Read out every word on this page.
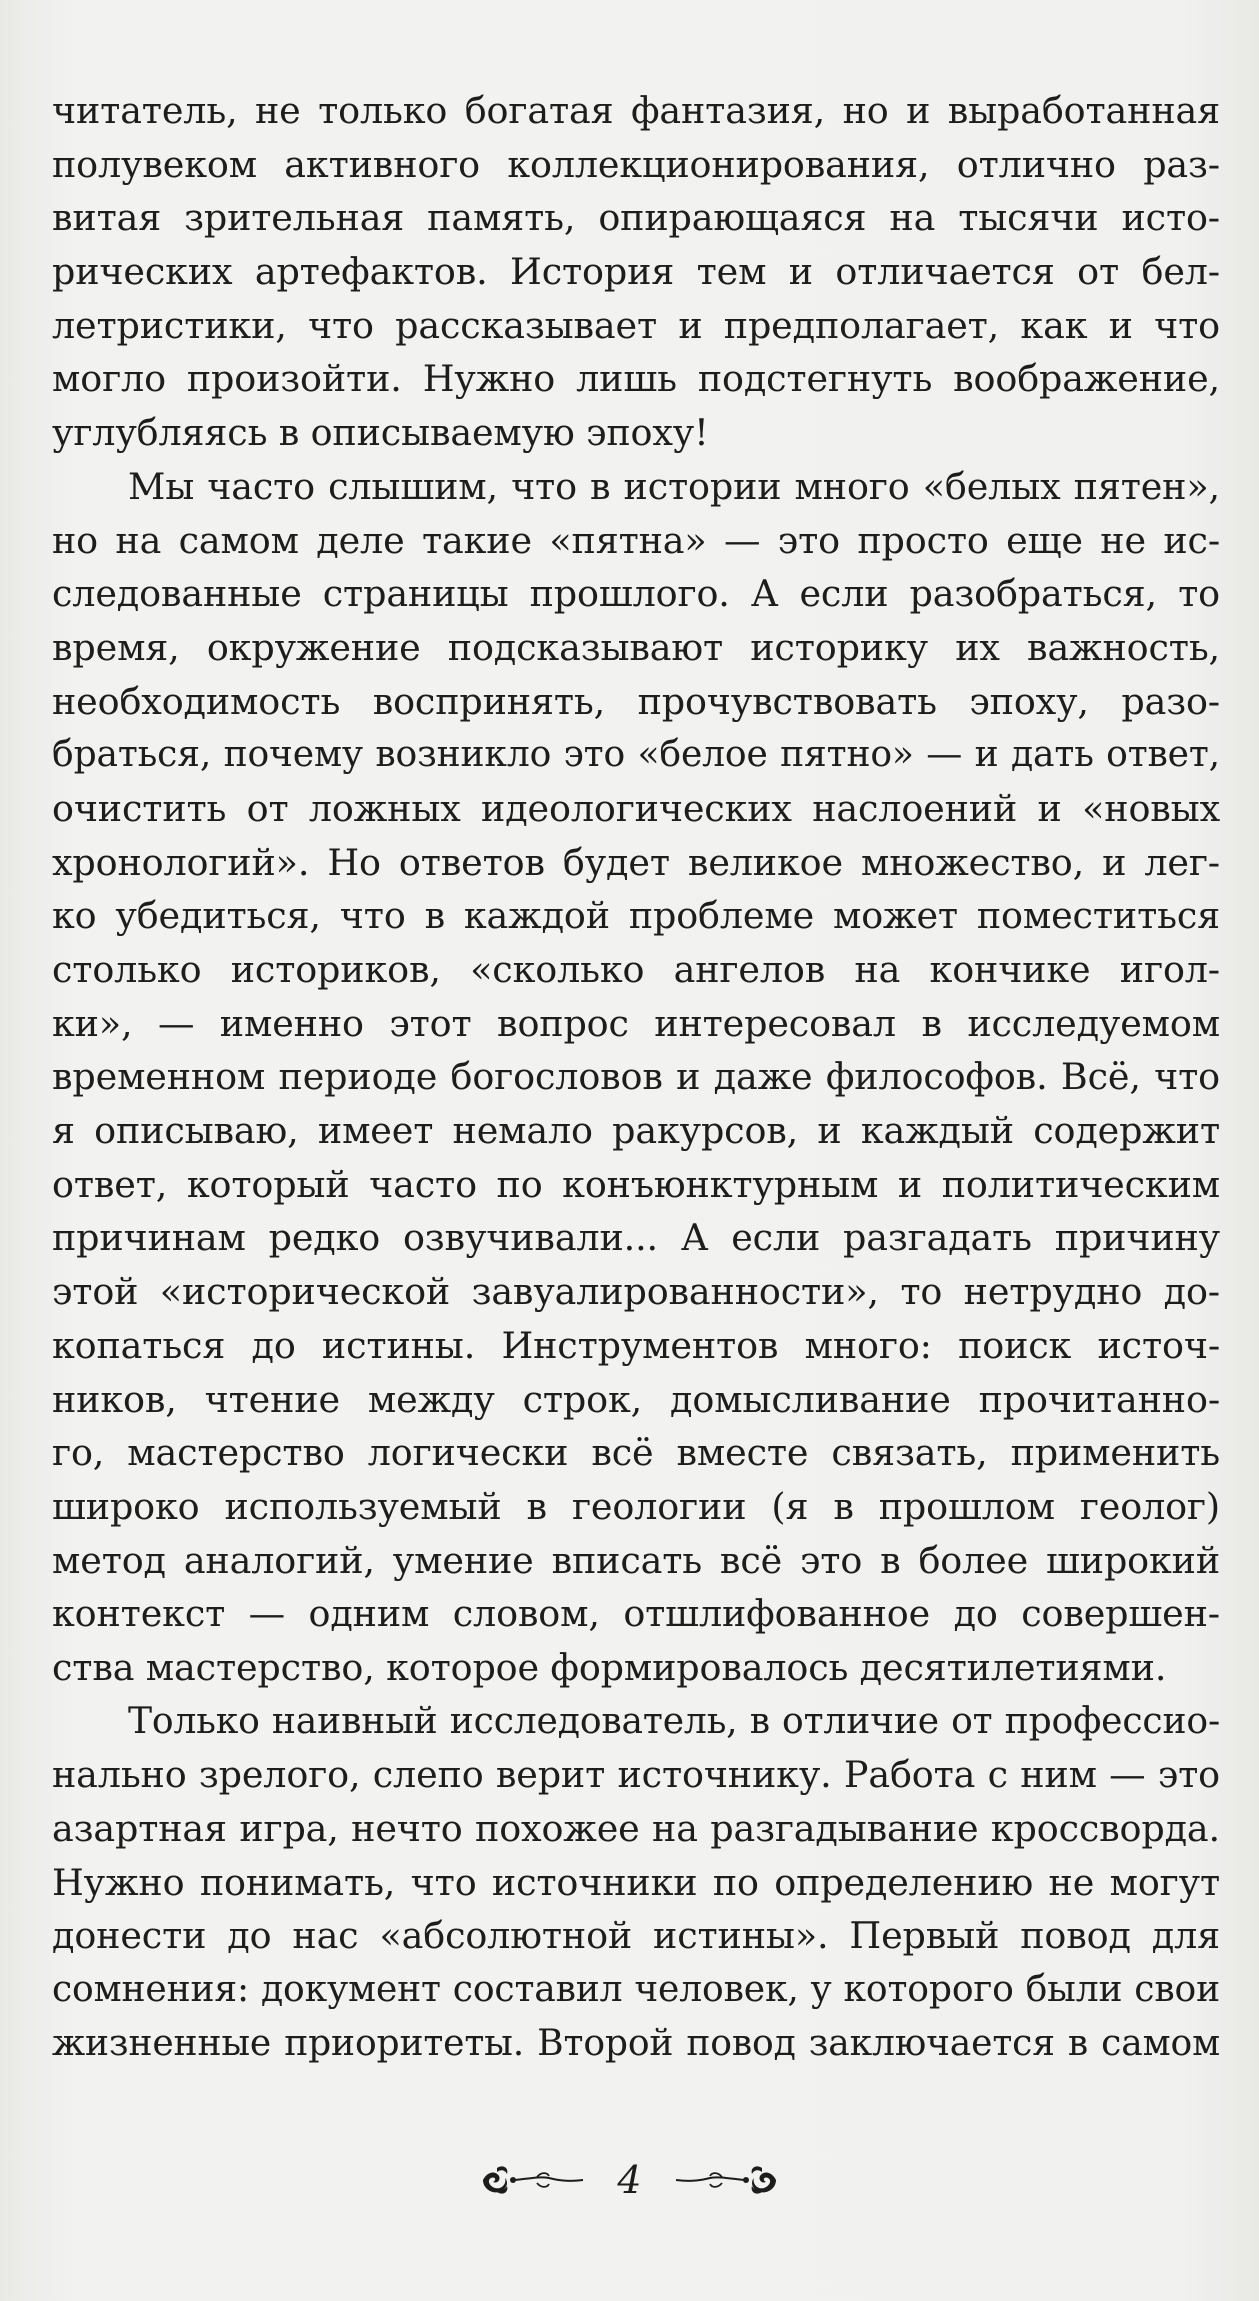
читатель, не только богатая фантазия, но и выработанная
полувеком активного коллекционирования, отлично раз-
витая зрительная память, опирающаяся на тысячи исто-
рических артефактов. История тем и отличается от бел-
летристики, что рассказывает и предполагает, как и что
могло произойти. Нужно лишь подстегнуть воображение,
углубляясь в описываемую эпоху!
Мы часто слышим, что в истории много «белых пятен»,
но на самом деле такие «пятна» — это просто еще не ис-
следованные страницы прошлого. А если разобраться, то
время, окружение подсказывают историку их важность,
необходимость воспринять, прочувствовать эпоху, разо-
браться, почему возникло это «белое пятно» — и дать ответ,
очистить от ложных идеологических наслоений и «новых
хронологий». Но ответов будет великое множество, и лег-
ко убедиться, что в каждой проблеме может поместиться
столько историков, «сколько ангелов на кончике игол-
ки», — именно этот вопрос интересовал в исследуемом
временном периоде богословов и даже философов. Всё, что
я описываю, имеет немало ракурсов, и каждый содержит
ответ, который часто по конъюнктурным и политическим
причинам редко озвучивали... А если разгадать причину
этой «исторической завуалированности», то нетрудно до-
копаться до истины. Инструментов много: поиск источ-
ников, чтение между строк, домысливание прочитанно-
го, мастерство логически всё вместе связать, применить
широко используемый в геологии (я в прошлом геолог)
метод аналогий, умение вписать всё это в более широкий
контекст — одним словом, отшлифованное до совершен-
ства мастерство, которое формировалось десятилетиями.
Только наивный исследователь, в отличие от профессио-
нально зрелого, слепо верит источнику. Работа с ним — это
азартная игра, нечто похожее на разгадывание кроссворда.
Нужно понимать, что источники по определению не могут
донести до нас «абсолютной истины». Первый повод для
сомнения: документ составил человек, у которого были свои
жизненные приоритеты. Второй повод заключается в самом
4
